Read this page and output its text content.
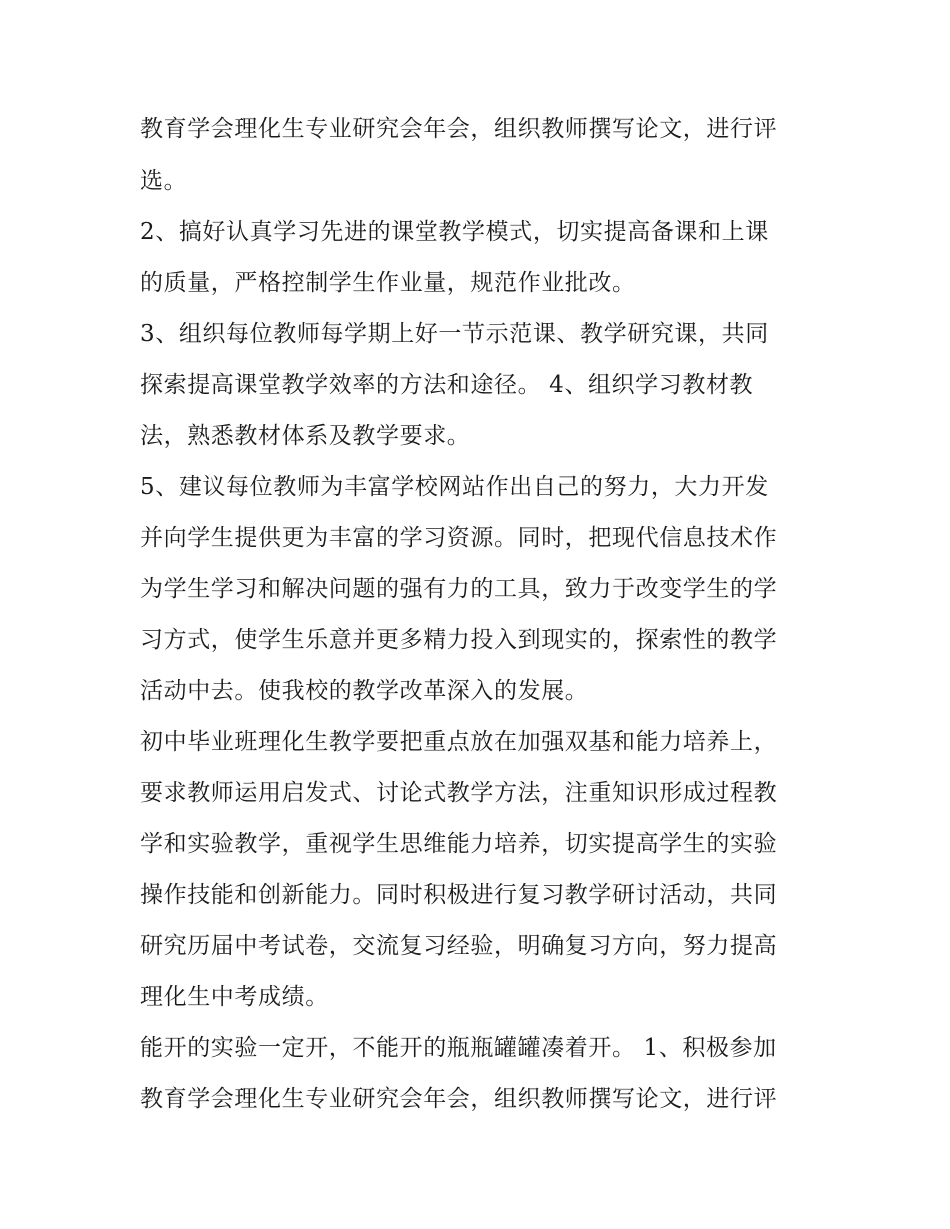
教育学会理化生专业研究会年会，组织教师撰写论文，进行评
选。
2、搞好认真学习先进的课堂教学模式，切实提高备课和上课
的质量，严格控制学生作业量，规范作业批改。
3、组织每位教师每学期上好一节示范课、教学研究课，共同
探索提高课堂教学效率的方法和途径。 4、组织学习教材教
法，熟悉教材体系及教学要求。
5、建议每位教师为丰富学校网站作出自己的努力，大力开发
并向学生提供更为丰富的学习资源。同时，把现代信息技术作
为学生学习和解决问题的强有力的工具，致力于改变学生的学
习方式，使学生乐意并更多精力投入到现实的，探索性的教学
活动中去。使我校的教学改革深入的发展。
初中毕业班理化生教学要把重点放在加强双基和能力培养上，
要求教师运用启发式、讨论式教学方法，注重知识形成过程教
学和实验教学，重视学生思维能力培养，切实提高学生的实验
操作技能和创新能力。同时积极进行复习教学研讨活动，共同
研究历届中考试卷，交流复习经验，明确复习方向，努力提高
理化生中考成绩。
能开的实验一定开，不能开的瓶瓶罐罐凑着开。 1、积极参加
教育学会理化生专业研究会年会，组织教师撰写论文，进行评
